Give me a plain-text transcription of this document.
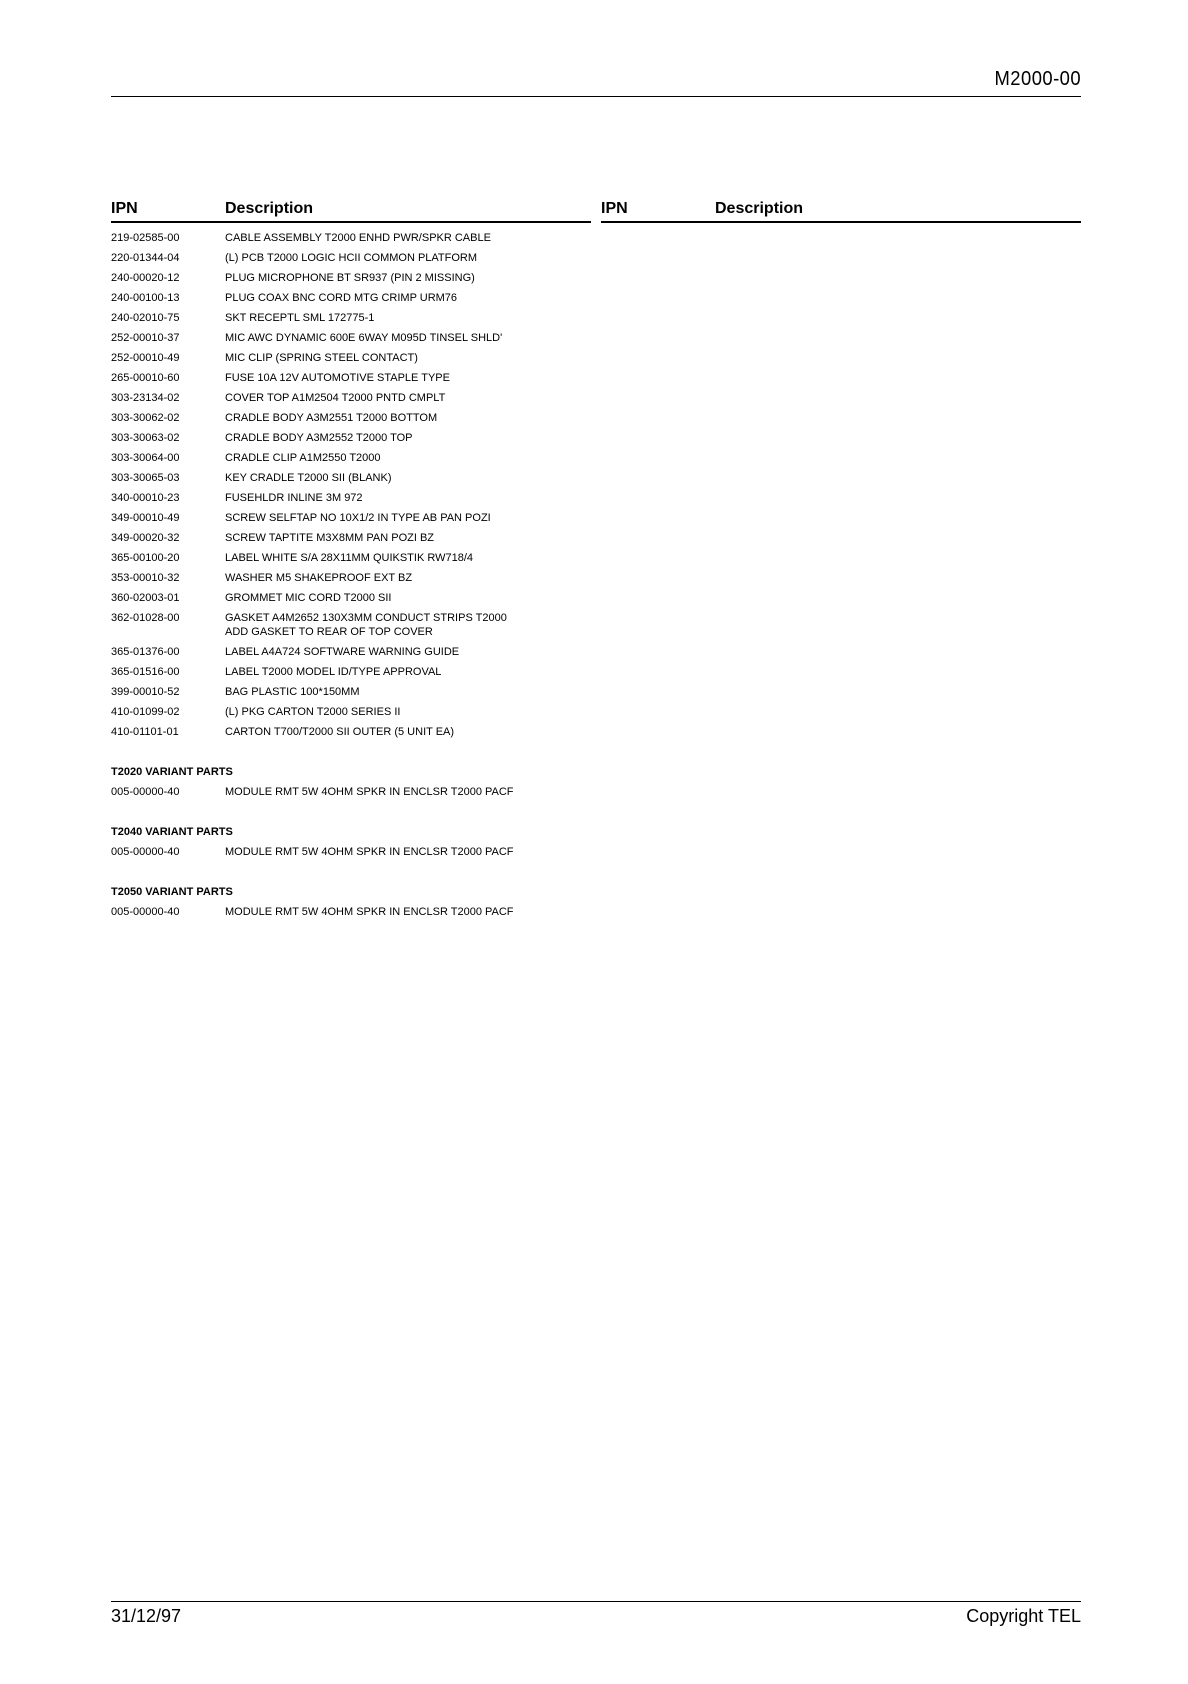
M2000-00
IPN	Description	IPN	Description
219-02585-00	CABLE ASSEMBLY T2000 ENHD PWR/SPKR CABLE
220-01344-04	(L) PCB T2000 LOGIC HCII COMMON PLATFORM
240-00020-12	PLUG MICROPHONE BT SR937 (PIN 2 MISSING)
240-00100-13	PLUG COAX BNC CORD MTG CRIMP URM76
240-02010-75	SKT RECEPTL SML 172775-1
252-00010-37	MIC AWC DYNAMIC 600E 6WAY M095D TINSEL SHLD'
252-00010-49	MIC CLIP (SPRING STEEL CONTACT)
265-00010-60	FUSE 10A 12V AUTOMOTIVE STAPLE TYPE
303-23134-02	COVER TOP A1M2504 T2000 PNTD CMPLT
303-30062-02	CRADLE BODY A3M2551 T2000 BOTTOM
303-30063-02	CRADLE BODY A3M2552 T2000 TOP
303-30064-00	CRADLE CLIP A1M2550 T2000
303-30065-03	KEY CRADLE T2000 SII (BLANK)
340-00010-23	FUSEHLDR INLINE 3M 972
349-00010-49	SCREW SELFTAP NO 10X1/2 IN TYPE AB PAN POZI
349-00020-32	SCREW TAPTITE M3X8MM PAN POZI BZ
365-00100-20	LABEL WHITE S/A 28X11MM QUIKSTIK RW718/4
353-00010-32	WASHER M5 SHAKEPROOF EXT BZ
360-02003-01	GROMMET MIC CORD T2000 SII
362-01028-00	GASKET A4M2652 130X3MM CONDUCT STRIPS T2000
ADD GASKET TO REAR OF TOP COVER
365-01376-00	LABEL A4A724 SOFTWARE WARNING GUIDE
365-01516-00	LABEL T2000 MODEL ID/TYPE APPROVAL
399-00010-52	BAG PLASTIC 100*150MM
410-01099-02	(L) PKG CARTON T2000 SERIES II
410-01101-01	CARTON T700/T2000 SII OUTER (5 UNIT EA)
T2020 VARIANT PARTS
005-00000-40	MODULE RMT 5W 4OHM SPKR IN ENCLSR T2000 PACF
T2040 VARIANT PARTS
005-00000-40	MODULE RMT 5W 4OHM SPKR IN ENCLSR T2000 PACF
T2050 VARIANT PARTS
005-00000-40	MODULE RMT 5W 4OHM SPKR IN ENCLSR T2000 PACF
31/12/97	Copyright TEL
